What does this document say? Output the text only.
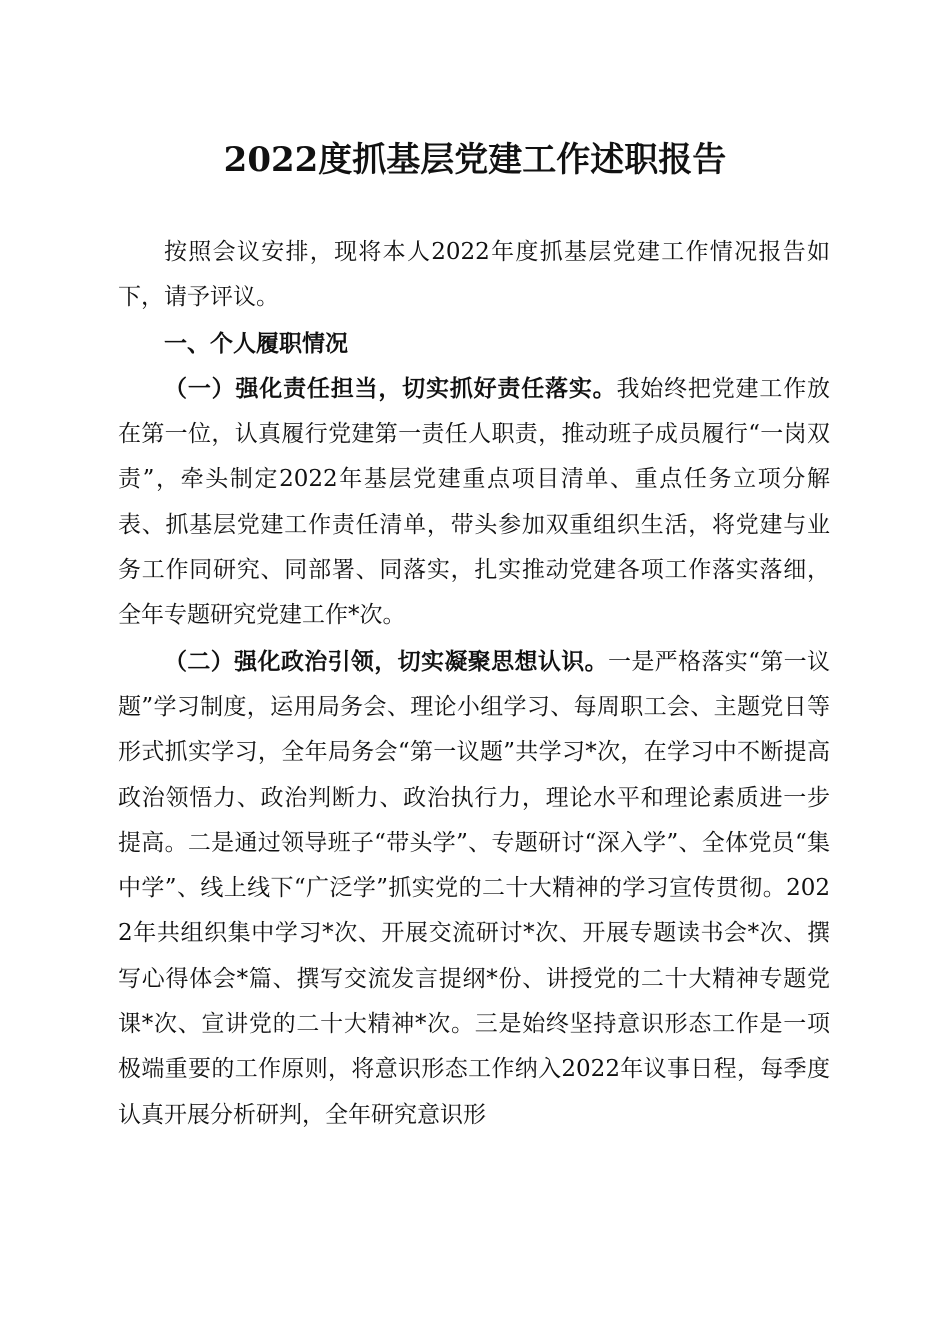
2022度抓基层党建工作述职报告

按照会议安排，现将本人2022年度抓基层党建工作情况报告如下，请予评议。

一、个人履职情况

（一）强化责任担当，切实抓好责任落实。我始终把党建工作放在第一位，认真履行党建第一责任人职责，推动班子成员履行“一岗双责”，牵头制定2022年基层党建重点项目清单、重点任务立项分解表、抓基层党建工作责任清单，带头参加双重组织生活，将党建与业务工作同研究、同部署、同落实，扎实推动党建各项工作落实落细，全年专题研究党建工作*次。

（二）强化政治引领，切实凝聚思想认识。一是严格落实“第一议题”学习制度，运用局务会、理论小组学习、每周职工会、主题党日等形式抓实学习，全年局务会“第一议题”共学习*次，在学习中不断提高政治领悟力、政治判断力、政治执行力，理论水平和理论素质进一步提高。二是通过领导班子“带头学”、专题研讨“深入学”、全体党员“集中学”、线上线下“广泛学”抓实党的二十大精神的学习宣传贯彻。2022年共组织集中学习*次、开展交流研讨*次、开展专题读书会*次、撰写心得体会*篇、撰写交流发言提纲*份、讲授党的二十大精神专题党课*次、宣讲党的二十大精神*次。三是始终坚持意识形态工作是一项极端重要的工作原则，将意识形态工作纳入2022年议事日程，每季度认真开展分析研判，全年研究意识形
